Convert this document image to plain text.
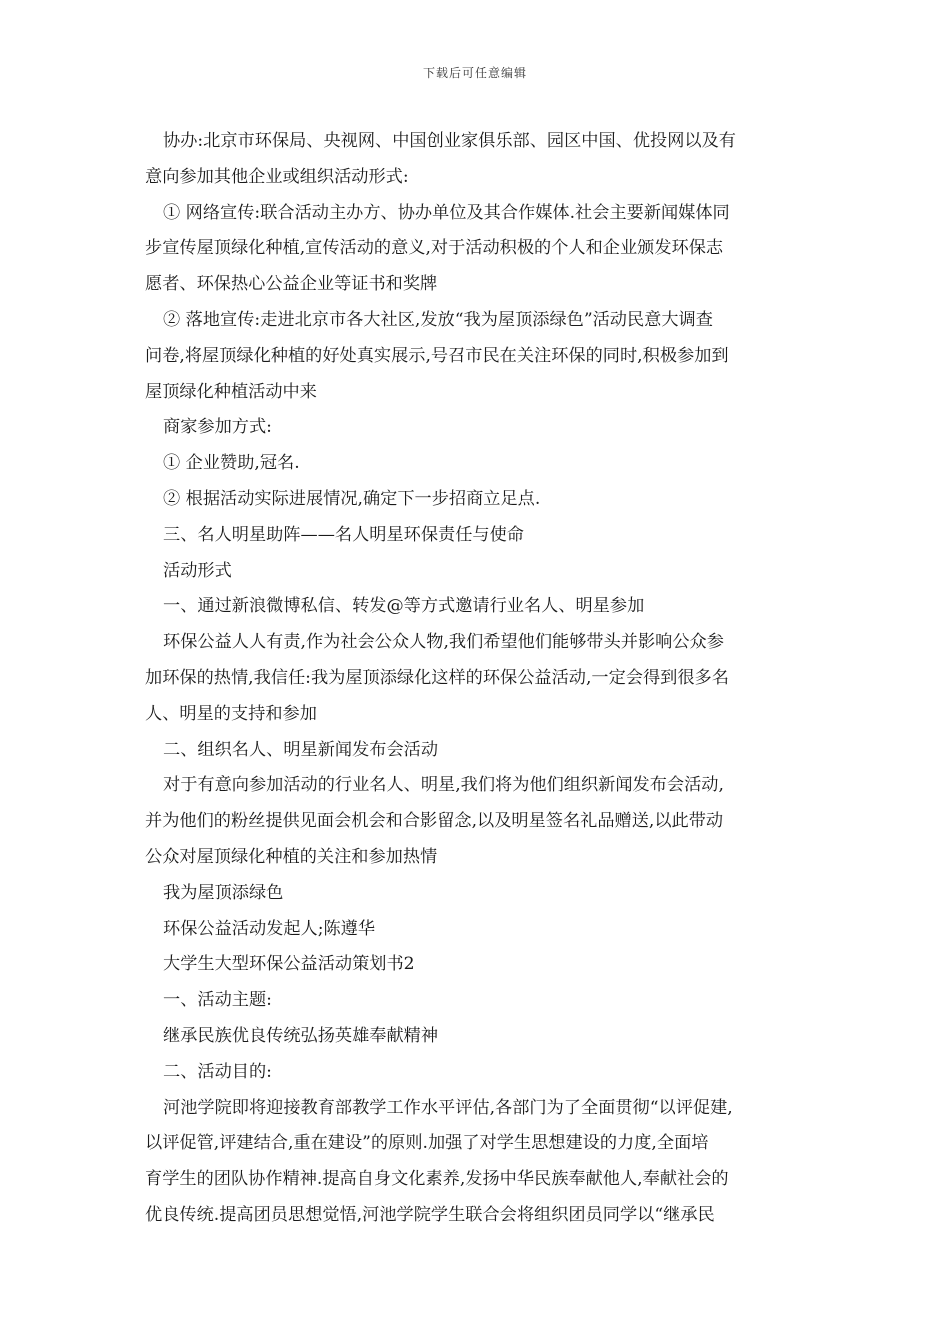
下载后可任意编辑
协办:北京市环保局、央视网、中国创业家俱乐部、园区中国、优投网以及有
意向参加其他企业或组织活动形式:
① 网络宣传:联合活动主办方、协办单位及其合作媒体.社会主要新闻媒体同
步宣传屋顶绿化种植,宣传活动的意义,对于活动积极的个人和企业颁发环保志
愿者、环保热心公益企业等证书和奖牌
② 落地宣传:走进北京市各大社区,发放“我为屋顶添绿色”活动民意大调查
问卷,将屋顶绿化种植的好处真实展示,号召市民在关注环保的同时,积极参加到
屋顶绿化种植活动中来
商家参加方式:
① 企业赞助,冠名.
② 根据活动实际进展情况,确定下一步招商立足点.
三、名人明星助阵——名人明星环保责任与使命
活动形式
一、通过新浪微博私信、转发@等方式邀请行业名人、明星参加
环保公益人人有责,作为社会公众人物,我们希望他们能够带头并影响公众参
加环保的热情,我信任:我为屋顶添绿化这样的环保公益活动,一定会得到很多名
人、明星的支持和参加
二、组织名人、明星新闻发布会活动
对于有意向参加活动的行业名人、明星,我们将为他们组织新闻发布会活动,
并为他们的粉丝提供见面会机会和合影留念,以及明星签名礼品赠送,以此带动
公众对屋顶绿化种植的关注和参加热情
我为屋顶添绿色
环保公益活动发起人;陈遵华
大学生大型环保公益活动策划书2
一、活动主题:
继承民族优良传统弘扬英雄奉献精神
二、活动目的:
河池学院即将迎接教育部教学工作水平评估,各部门为了全面贯彻“以评促建,
以评促管,评建结合,重在建设”的原则.加强了对学生思想建设的力度,全面培
育学生的团队协作精神.提高自身文化素养,发扬中华民族奉献他人,奉献社会的
优良传统.提高团员思想觉悟,河池学院学生联合会将组织团员同学以“继承民
